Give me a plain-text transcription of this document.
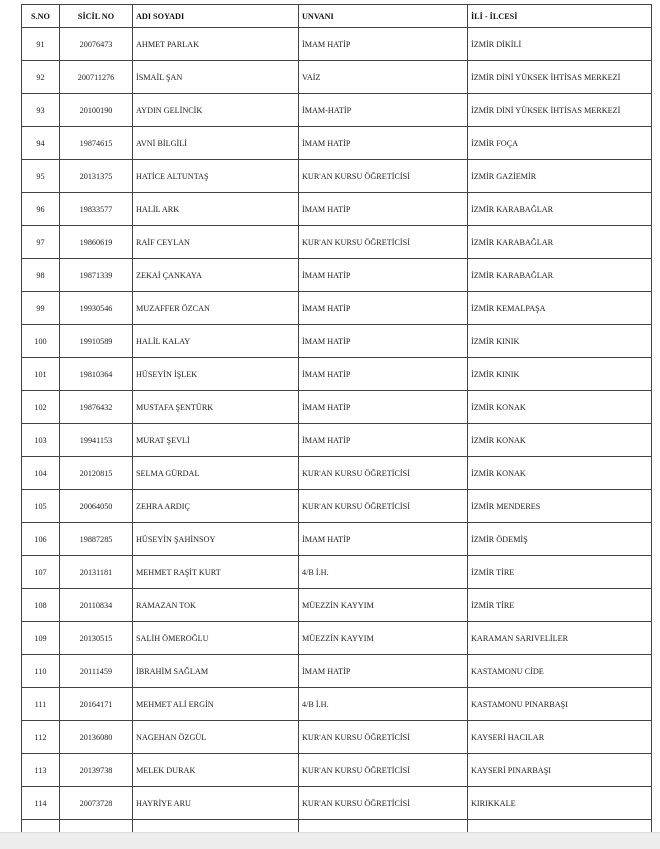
S.NO	SİCİL NO	ADI SOYADI	UNVANI	İLİ - İLCESİ
91	20076473	AHMET PARLAK	İMAM HATİP	İZMİR DİKİLİ
92	200711276	İSMAİL ŞAN	VAİZ	İZMİR DİNİ YÜKSEK İHTİSAS MERKEZİ
93	20100190	AYDIN GELİNCİK	İMAM-HATİP	İZMİR DİNİ YÜKSEK İHTİSAS MERKEZİ
94	19874615	AVNİ BİLGİLİ	İMAM HATİP	İZMİR FOÇA
95	20131375	HATİCE ALTUNTAŞ	KUR'AN KURSU ÖĞRETİCİSİ	İZMİR GAZİEMİR
96	19833577	HALİL ARK	İMAM HATİP	İZMİR KARABAĞLAR
97	19860619	RAİF CEYLAN	KUR'AN KURSU ÖĞRETİCİSİ	İZMİR KARABAĞLAR
98	19871339	ZEKAİ ÇANKAYA	İMAM HATİP	İZMİR KARABAĞLAR
99	19930546	MUZAFFER ÖZCAN	İMAM HATİP	İZMİR KEMALPAŞA
100	19910589	HALİL KALAY	İMAM HATİP	İZMİR KINIK
101	19810364	HÜSEYİN İŞLEK	İMAM HATİP	İZMİR KINIK
102	19876432	MUSTAFA ŞENTÜRK	İMAM HATİP	İZMİR KONAK
103	19941153	MURAT ŞEVLİ	İMAM HATİP	İZMİR KONAK
104	20120815	SELMA GÜRDAL	KUR'AN KURSU ÖĞRETİCİSİ	İZMİR KONAK
105	20064050	ZEHRA ARDIÇ	KUR'AN KURSU ÖĞRETİCİSİ	İZMİR MENDERES
106	19887285	HÜSEYİN ŞAHİNSOY	İMAM HATİP	İZMİR ÖDEMİŞ
107	20131181	MEHMET RAŞİT KURT	4/B İ.H.	İZMİR TİRE
108	20110834	RAMAZAN TOK	MÜEZZİN KAYYIM	İZMİR TİRE
109	20130515	SALİH ÖMEROĞLU	MÜEZZİN KAYYIM	KARAMAN SARIVELİLER
110	20111459	İBRAHİM SAĞLAM	İMAM HATİP	KASTAMONU CİDE
111	20164171	MEHMET ALİ ERGİN	4/B İ.H.	KASTAMONU PINARBAŞI
112	20136080	NAGEHAN ÖZGÜL	KUR'AN KURSU ÖĞRETİCİSİ	KAYSERİ HACILAR
113	20139738	MELEK DURAK	KUR'AN KURSU ÖĞRETİCİSİ	KAYSERİ PINARBAŞI
114	20073728	HAYRİYE ARU	KUR'AN KURSU ÖĞRETİCİSİ	KIRIKKALE
